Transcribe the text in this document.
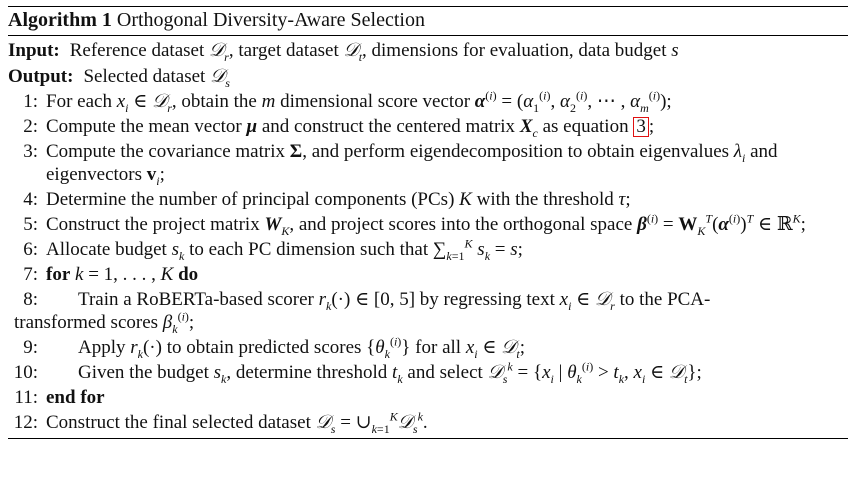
Algorithm 1 Orthogonal Diversity-Aware Selection
Input: Reference dataset 𝒟$_r$, target dataset 𝒟$_t$, dimensions for evaluation, data budget s
Output: Selected dataset 𝒟$_s$
1: For each $x_i$ ∈ 𝒟$_r$, obtain the m dimensional score vector $\alpha^{(i)} = (\alpha_1^{(i)}$, $\alpha_2^{(i)}$, ⋯ , $\alpha_m^{(i)}$);
2: Compute the mean vector μ and construct the centered matrix $X_c$ as equation 3 ;
3: Compute the covariance matrix Σ, and perform eigendecomposition to obtain eigenvalues $\lambda_i$ and eigenvectors $v_i$;
4: Determine the number of principal components (PCs) K with the threshold τ;
5: Construct the project matrix $W_K$, and project scores into the orthogonal space $\beta^{(i)} = W_K^T(\alpha^{(i)})^T$ ∈ ℝ$^K$;
6: Allocate budget $s_k$ to each PC dimension such that $\sum_{k=1}^K$ $s_k = s$;
7: for k = 1, . . . , K do
8: Train a RoBERTa-based scorer $r_k(\cdot)$ ∈ [0, 5] by regressing text $x_i$ ∈ 𝒟$_r$ to the PCA-
transformed scores $\beta_k^{(i)}$;
9: Apply $r_k(\cdot)$ to obtain predicted scores $\{\theta_k^{(i)}\}$ for all $x_i$ ∈ 𝒟$_t$;
10: Given the budget $s_k$, determine threshold $t_k$ and select 𝒟$_s^k$ = {$x_i$ | $\theta_k^{(i)} > t_k$, $x_i$ ∈ 𝒟$_t$};
11: end for
12: Construct the final selected dataset 𝒟$_s$ = $\cup_{k=1}^K𝒟_s^k$.
